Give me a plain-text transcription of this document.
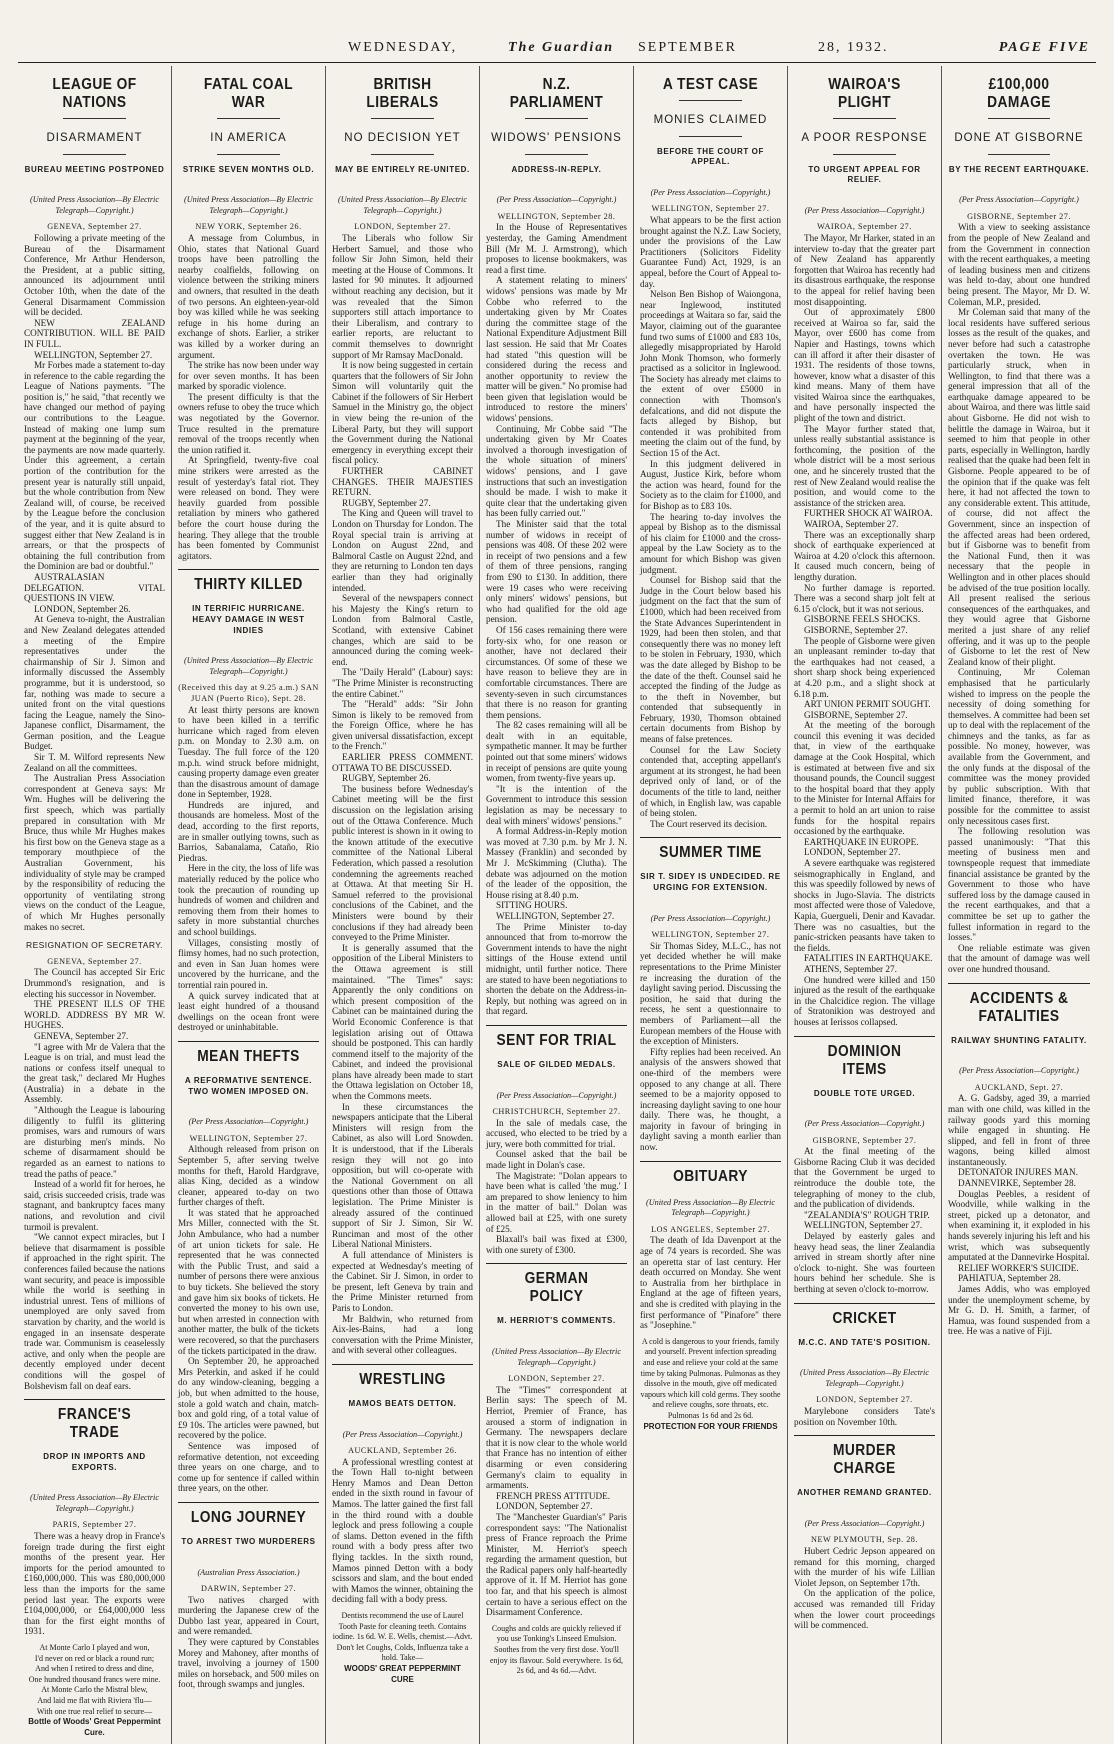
WEDNESDAY,	The Guardian SEPTEMBER	28, 1932.	PAGE FIVE
LEAGUE OF NATIONS
DISARMAMENT
BUREAU MEETING POSTPONED
(United Press Association—By Electric Telegraph—Copyright.)
GENEVA, September 27.

Following a private meeting of the Bureau of the Disarmament Conference, Mr Arthur Henderson, the President, at a public sitting, announced its adjournment until October 10th, when the date of the General Disarmament Commission will be decided.

NEW ZEALAND CONTRIBUTION. WILL BE PAID IN FULL.

WELLINGTON, September 27.

Mr Forbes made a statement to-day in reference to the cable regarding the League of Nations payments. "The position is," he said, "that recently we have changed our method of paying our contributions to the League. Instead of making one lump sum payment at the beginning of the year, the payments are now made quarterly. Under this agreement, a certain portion of the contribution for the present year is naturally still unpaid, but the whole contribution from New Zealand will, of course, be received by the League before the conclusion of the year, and it is quite absurd to suggest either that New Zealand is in arrears, or that the prospects of obtaining the full contribution from the Dominion are bad or doubtful."

AUSTRALASIAN DELEGATION. VITAL QUESTIONS IN VIEW.

LONDON, September 26.

At Geneva to-night, the Australian and New Zealand delegates attended a meeting of the Empire representatives under the chairmanship of Sir J. Simon and informally discussed the Assembly programme, but it is understood, so far, nothing was made to secure a united front on the vital questions facing the League, namely the Sino-Japanese conflict, Disarmament, the German position, and the League Budget.

Sir T. M. Wilford represents New Zealand on all the committees.

The Australian Press Association correspondent at Geneva says: Mr Wm. Hughes will be delivering the first speech, which was partially prepared in consultation with Mr Bruce, thus while Mr Hughes makes his first bow on the Geneva stage as a temporary mouthpiece of the Australian Government, his individuality of style may be cramped by the responsibility of reducing the opportunity of ventilating strong views on the conduct of the League, of which Mr Hughes personally makes no secret.

RESIGNATION OF SECRETARY.
GENEVA, September 27.

The Council has accepted Sir Eric Drummond's resignation, and is electing his successor in November.

THE PRESENT ILLS OF THE WORLD. ADDRESS BY MR W. HUGHES.

GENEVA, September 27.

"I agree with Mr de Valera that the League is on trial, and must lead the nations or confess itself unequal to the great task," declared Mr Hughes (Australia) in a debate in the Assembly.

"Although the League is labouring diligently to fulfil its glittering promises, wars and rumours of wars are disturbing men's minds. No scheme of disarmament should be regarded as an earnest to nations to tread the paths of peace."

Instead of a world fit for heroes, he said, crisis succeeded crisis, trade was stagnant, and bankruptcy faces many nations, and revolution and civil turmoil is prevalent.

"We cannot expect miracles, but I believe that disarmament is possible if approached in the right spirit. The conferences failed because the nations want security, and peace is impossible while the world is seething in industrial unrest. Tens of millions of unemployed are only saved from starvation by charity, and the world is engaged in an insensate desperate trade war. Communism is ceaselessly active, and only when the people are decently employed under decent conditions will the gospel of Bolshevism fall on deaf ears.

FRANCE'S TRADE
DROP IN IMPORTS AND EXPORTS.
(United Press Association—By Electric Telegraph—Copyright.)
PARIS, September 27.

There was a heavy drop in France's foreign trade during the first eight months of the present year. Her imports for the period amounted to £160,000,000. This was £80,000,000 less than the imports for the same period last year. The exports were £104,000,000, or £64,000,000 less than for the first eight months of 1931.

At Monte Carlo I played and won,
I'd never on red or black a round run;
And when I retired to dress and dine,
One hundred thousand francs were mine.
At Monte Carlo the Mistral blew,
And laid me flat with Riviera 'flu—
With one true real relief to secure—
Bottle of Woods' Great Peppermint Cure.
FATAL COAL WAR
IN AMERICA
STRIKE SEVEN MONTHS OLD.
(United Press Association—By Electric Telegraph—Copyright.)
NEW YORK, September 26.

A message from Columbus, in Ohio, states that National Guard troops have been patrolling the nearby coalfields, following on violence between the striking miners and owners, that resulted in the death of two persons. An eighteen-year-old boy was killed while he was seeking refuge in his home during an exchange of shots. Earlier, a striker was killed by a worker during an argument.

The strike has now been under way for over seven months. It has been marked by sporadic violence.

The present difficulty is that the owners refuse to obey the truce which was negotiated by the Governor. Truce resulted in the premature removal of the troops recently when the union ratified it.

At Springfield, twenty-five coal mine strikers were arrested as the result of yesterday's fatal riot. They were released on bond. They were heavily guarded from possible retaliation by miners who gathered before the court house during the hearing. They allege that the trouble has been fomented by Communist agitators.

THIRTY KILLED
IN TERRIFIC HURRICANE. HEAVY DAMAGE IN WEST INDIES
(United Press Association—By Electric Telegraph—Copyright.)
(Received this day at 9.25 a.m.) SAN JUAN (Puerto Rico), Sept. 28.

At least thirty persons are known to have been killed in a terrific hurricane which raged from eleven p.m. on Monday to 2.30 a.m. on Tuesday. The full force of the 120 m.p.h. wind struck before midnight, causing property damage even greater than the disastrous amount of damage done in September, 1928.

Hundreds are injured, and thousands are homeless. Most of the dead, according to the first reports, are in smaller outlying towns, such as Barrios, Sabanalama, Cataño, Rio Piedras.

Here in the city, the loss of life was materially reduced by the police who took the precaution of rounding up hundreds of women and children and removing them from their homes to safety in more substantial churches and school buildings.

Villages, consisting mostly of flimsy homes, had no such protection, and even in San Juan homes were uncovered by the hurricane, and the torrential rain poured in.

A quick survey indicated that at least eight hundred of a thousand dwellings on the ocean front were destroyed or uninhabitable.

MEAN THEFTS
A REFORMATIVE SENTENCE. TWO WOMEN IMPOSED ON.
(Per Press Association—Copyright.)
WELLINGTON, September 27.

Although released from prison on September 5, after serving twelve months for theft, Harold Hardgrave, alias King, decided as a window cleaner, appeared to-day on two further charges of theft.

It was stated that he approached Mrs Miller, connected with the St. John Ambulance, who had a number of art union tickets for sale. He represented that he was connected with the Public Trust, and said a number of persons there were anxious to buy tickets. She believed the story and gave him six books of tickets. He converted the money to his own use, but when arrested in connection with another matter, the bulk of the tickets were recovered, so that the purchasers of the tickets participated in the draw.

On September 20, he approached Mrs Peterkin, and asked if he could do any window-cleaning, begging a job, but when admitted to the house, stole a gold watch and chain, match-box and gold ring, of a total value of £9 10s. The articles were pawned, but recovered by the police.

Sentence was imposed of reformative detention, not exceeding three years on one charge, and to come up for sentence if called within three years, on the other.

LONG JOURNEY
TO ARREST TWO MURDERERS
(Australian Press Association.)
DARWIN, September 27.

Two natives charged with murdering the Japanese crew of the Dubbo last year, appeared in Court, and were remanded.

They were captured by Constables Morey and Mahoney, after months of travel, involving a journey of 1500 miles on horseback, and 500 miles on foot, through swamps and jungles.

BRITISH LIBERALS
NO DECISION YET
MAY BE ENTIRELY RE-UNITED.
(United Press Association—By Electric Telegraph—Copyright.)
LONDON, September 27.

The Liberals who follow Sir Herbert Samuel, and those who follow Sir John Simon, held their meeting at the House of Commons. It lasted for 90 minutes. It adjourned without reaching any decision, but it was revealed that the Simon supporters still attach importance to their Liberalism, and contrary to earlier reports, are reluctant to commit themselves to downright support of Mr Ramsay MacDonald.

It is now being suggested in certain quarters that the followers of Sir John Simon will voluntarily quit the Cabinet if the followers of Sir Herbert Samuel in the Ministry go, the object in view being the re-union of the Liberal Party, but they will support the Government during the National emergency in everything except their fiscal policy.

FURTHER CABINET CHANGES. THEIR MAJESTIES RETURN.

RUGBY, September 27.

The King and Queen will travel to London on Thursday for London. The Royal special train is arriving at London on August 22nd, and Balmoral Castle on August 22nd, and they are returning to London ten days earlier than they had originally intended.

Several of the newspapers connect his Majesty the King's return to London from Balmoral Castle, Scotland, with extensive Cabinet changes, which are said to be announced during the coming week-end.

The "Daily Herald" (Labour) says: "The Prime Minister is reconstructing the entire Cabinet."

The "Herald" adds: "Sir John Simon is likely to be removed from the Foreign Office, where he has given universal dissatisfaction, except to the French."

EARLIER PRESS COMMENT. OTTAWA TO BE DISCUSSED.

RUGBY, September 26.

The business before Wednesday's Cabinet meeting will be the first discussion on the legislation arising out of the Ottawa Conference. Much public interest is shown in it owing to the known attitude of the executive committee of the National Liberal Federation, which passed a resolution condemning the agreements reached at Ottawa. At that meeting Sir H. Samuel referred to the provisional conclusions of the Cabinet, and the Ministers were bound by their conclusions if they had already been conveyed to the Prime Minister.

It is generally assumed that the opposition of the Liberal Ministers to the Ottawa agreement is still maintained. "The Times" says: Apparently the only conditions on which present composition of the Cabinet can be maintained during the World Economic Conference is that legislation arising out of Ottawa should be postponed. This can hardly commend itself to the majority of the Cabinet, and indeed the provisional plans have already been made to start the Ottawa legislation on October 18, when the Commons meets.

In these circumstances the newspapers anticipate that the Liberal Ministers will resign from the Cabinet, as also will Lord Snowden. It is understood, that if the Liberals resign they will not go into opposition, but will co-operate with the National Government on all questions other than those of Ottawa legislation. The Prime Minister is already assured of the continued support of Sir J. Simon, Sir W. Runciman and most of the other Liberal National Ministers.

A full attendance of Ministers is expected at Wednesday's meeting of the Cabinet. Sir J. Simon, in order to be present, left Geneva by train and the Prime Minister returned from Paris to London.

Mr Baldwin, who returned from Aix-les-Bains, had a long conversation with the Prime Minister, and with several other colleagues.

WRESTLING
MAMOS BEATS DETTON.
(Per Press Association—Copyright.)
AUCKLAND, September 26.

A professional wrestling contest at the Town Hall to-night between Henry Mamos and Dean Detton ended in the sixth round in favour of Mamos. The latter gained the first fall in the third round with a double leglock and press following a couple of slams. Detton evened in the fifth round with a body press after two flying tackles. In the sixth round, Mamos pinned Detton with a body scissors and slam, and the bout ended with Mamos the winner, obtaining the deciding fall with a body press.

Dentists recommend the use of Laurel Tooth Paste for cleaning teeth. Contains iodine. 1s 6d. W. E. Wells, chemist.—Advt.
Don't let Coughs, Colds, Influenza take a hold. Take—
WOODS' GREAT PEPPERMINT CURE
N.Z. PARLIAMENT
WIDOWS' PENSIONS
ADDRESS-IN-REPLY.
(Per Press Association—Copyright.)
WELLINGTON, September 28.

In the House of Representatives yesterday, the Gaming Amendment Bill (Mr M. J. Armstrong), which proposes to license bookmakers, was read a first time.

A statement relating to miners' widows' pensions was made by Mr Cobbe who referred to the undertaking given by Mr Coates during the committee stage of the National Expenditure Adjustment Bill last session. He said that Mr Coates had stated "this question will be considered during the recess and another opportunity to review the matter will be given." No promise had been given that legislation would be introduced to restore the miners' widows' pensions.

Continuing, Mr Cobbe said "The undertaking given by Mr Coates involved a thorough investigation of the whole situation of miners' widows' pensions, and I gave instructions that such an investigation should be made. I wish to make it quite clear that the undertaking given has been fully carried out."

The Minister said that the total number of widows in receipt of pensions was 408. Of these 202 were in receipt of two pensions and a few of them of three pensions, ranging from £90 to £130. In addition, there were 19 cases who were receiving only miners' widows' pensions, but who had qualified for the old age pension.

Of 156 cases remaining there were forty-six who, for one reason or another, have not declared their circumstances. Of some of these we have reason to believe they are in comfortable circumstances. There are seventy-seven in such circumstances that there is no reason for granting them pensions.

The 82 cases remaining will all be dealt with in an equitable, sympathetic manner. It may be further pointed out that some miners' widows in receipt of pensions are quite young women, from twenty-five years up.

"It is the intention of the Government to introduce this session legislation as may be necessary to deal with miners' widows' pensions."

A formal Address-in-Reply motion was moved at 7.30 p.m. by Mr J. N. Massey (Franklin) and seconded by Mr J. McSkimming (Clutha). The debate was adjourned on the motion of the leader of the opposition, the House rising at 8.40 p.m.

SITTING HOURS.

WELLINGTON, September 27.

The Prime Minister to-day announced that from to-morrow the Government intends to have the night sittings of the House extend until midnight, until further notice. There are stated to have been negotiations to shorten the debate on the Address-in-Reply, but nothing was agreed on in that regard.

SENT FOR TRIAL
SALE OF GILDED MEDALS.
(Per Press Association—Copyright.)
CHRISTCHURCH, September 27.

In the sale of medals case, the accused, who elected to be tried by a jury, were both committed for trial.

Counsel asked that the bail be made light in Dolan's case.

The Magistrate: "Dolan appears to have been what is called 'the mug.' I am prepared to show leniency to him in the matter of bail." Dolan was allowed bail at £25, with one surety of £25.

Blaxall's bail was fixed at £300, with one surety of £300.

GERMAN POLICY
M. HERRIOT'S COMMENTS.
(United Press Association—By Electric Telegraph—Copyright.)
LONDON, September 27.

The "Times'" correspondent at Berlin says: The speech of M. Herriot, Premier of France, has aroused a storm of indignation in Germany. The newspapers declare that it is now clear to the whole world that France has no intention of either disarming or even considering Germany's claim to equality in armaments.

FRENCH PRESS ATTITUDE.

LONDON, September 27.

The "Manchester Guardian's" Paris correspondent says: "The Nationalist press of France reproach the Prime Minister, M. Herriot's speech regarding the armament question, but the Radical papers only half-heartedly approve of it. If M. Herriot has gone too far, and that his speech is almost certain to have a serious effect on the Disarmament Conference.

Coughs and colds are quickly relieved if you use Tonking's Linseed Emulsion. Soothes from the very first dose. You'll enjoy its flavour. Sold everywhere. 1s 6d, 2s 6d, and 4s 6d.—Advt.
A TEST CASE
MONIES CLAIMED
BEFORE THE COURT OF APPEAL.
(Per Press Association—Copyright.)
WELLINGTON, September 27.

What appears to be the first action brought against the N.Z. Law Society, under the provisions of the Law Practitioners (Solicitors Fidelity Guarantee Fund) Act, 1929, is an appeal, before the Court of Appeal to-day.

Nelson Ben Bishop of Waiongona, near Inglewood, instituted proceedings at Waitara so far, said the Mayor, claiming out of the guarantee fund two sums of £1000 and £83 10s, allegedly misappropriated by Harold John Monk Thomson, who formerly practised as a solicitor in Inglewood. The Society has already met claims to the extent of over £5000 in connection with Thomson's defalcations, and did not dispute the facts alleged by Bishop, but contended it was prohibited from meeting the claim out of the fund, by Section 15 of the Act.

In this judgment delivered in August, Justice Kirk, before whom the action was heard, found for the Society as to the claim for £1000, and for Bishop as to £83 10s.

The hearing to-day involves the appeal by Bishop as to the dismissal of his claim for £1000 and the cross-appeal by the Law Society as to the amount for which Bishop was given judgment.

Counsel for Bishop said that the Judge in the Court below based his judgment on the fact that the sum of £1000, which had been received from the State Advances Superintendent in 1929, had been then stolen, and that consequently there was no money left to be stolen in February, 1930, which was the date alleged by Bishop to be the date of the theft. Counsel said he accepted the finding of the Judge as to the theft in November, but contended that subsequently in February, 1930, Thomson obtained certain documents from Bishop by means of false pretences.

Counsel for the Law Society contended that, accepting appellant's argument at its strongest, he had been deprived only of land, or of the documents of the title to land, neither of which, in English law, was capable of being stolen.

The Court reserved its decision.

SUMMER TIME
SIR T. SIDEY IS UNDECIDED. RE URGING FOR EXTENSION.
(Per Press Association—Copyright.)
WELLINGTON, September 27.

Sir Thomas Sidey, M.L.C., has not yet decided whether he will make representations to the Prime Minister re increasing the duration of the daylight saving period. Discussing the position, he said that during the recess, he sent a questionnaire to members of Parliament—all the European members of the House with the exception of Ministers.

Fifty replies had been received. An analysis of the answers showed that one-third of the members were opposed to any change at all. There seemed to be a majority opposed to increasing daylight saving to one hour daily. There was, he thought, a majority in favour of bringing in daylight saving a month earlier than now.

OBITUARY
(United Press Association—By Electric Telegraph—Copyright.)
LOS ANGELES, September 27.

The death of Ida Davenport at the age of 74 years is recorded. She was an operetta star of last century. Her death occurred on Monday. She went to Australia from her birthplace in England at the age of fifteen years, and she is credited with playing in the first performance of "Pinafore" there as "Josephine."

A cold is dangerous to your friends, family and yourself. Prevent infection spreading and ease and relieve your cold at the same time by taking Pulmonas. Pulmonas as they dissolve in the mouth, give off medicated vapours which kill cold germs. They soothe and relieve coughs, sore throats, etc. Pulmonas 1s 6d and 2s 6d.
PROTECTION FOR YOUR FRIENDS
WAIROA'S PLIGHT
A POOR RESPONSE
TO URGENT APPEAL FOR RELIEF.
(Per Press Association—Copyright.)
WAIROA, September 27.

The Mayor, Mr Harker, stated in an interview to-day that the greater part of New Zealand has apparently forgotten that Wairoa has recently had its disastrous earthquake, the response to the appeal for relief having been most disappointing.

Out of approximately £800 received at Wairoa so far, said the Mayor, over £600 has come from Napier and Hastings, towns which can ill afford it after their disaster of 1931. The residents of those towns, however, know what a disaster of this kind means. Many of them have visited Wairoa since the earthquakes, and have personally inspected the plight of the town and district.

The Mayor further stated that, unless really substantial assistance is forthcoming, the position of the whole district will be a most serious one, and he sincerely trusted that the rest of New Zealand would realise the position, and would come to the assistance of the stricken area.

FURTHER SHOCK AT WAIROA.

WAIROA, September 27.

There was an exceptionally sharp shock of earthquake experienced at Wairoa at 4.20 o'clock this afternoon. It caused much concern, being of lengthy duration.

No further damage is reported. There was a second sharp jolt felt at 6.15 o'clock, but it was not serious.

GISBORNE FEELS SHOCKS.

GISBORNE, September 27.

The people of Gisborne were given an unpleasant reminder to-day that the earthquakes had not ceased, a short sharp shock being experienced at 4.20 p.m., and a slight shock at 6.18 p.m.

ART UNION PERMIT SOUGHT.

GISBORNE, September 27.

At the meeting of the borough council this evening it was decided that, in view of the earthquake damage at the Cook Hospital, which is estimated at between five and six thousand pounds, the Council suggest to the hospital board that they apply to the Minister for Internal Affairs for a permit to hold an art union to raise funds for the hospital repairs occasioned by the earthquake.

EARTHQUAKE IN EUROPE.

LONDON, September 27.

A severe earthquake was registered seismographically in England, and this was speedily followed by news of shocks in Jugo-Slavia. The districts most affected were those of Valedove, Kapia, Guergueli, Denir and Kavadar. There was no casualties, but the panic-stricken peasants have taken to the fields.

FATALITIES IN EARTHQUAKE.

ATHENS, September 27.

One hundred were killed and 150 injured as the result of the earthquake in the Chalcidice region. The village of Stratonikion was destroyed and houses at Ierissos collapsed.

DOMINION ITEMS
DOUBLE TOTE URGED.
(Per Press Association—Copyright.)
GISBORNE, September 27.

At the final meeting of the Gisborne Racing Club it was decided that the Government be urged to reintroduce the double tote, the telegraphing of money to the club, and the publication of dividends.

"ZEALANDIA'S" ROUGH TRIP.

WELLINGTON, September 27.

Delayed by easterly gales and heavy head seas, the liner Zealandia arrived in stream shortly after nine o'clock to-night. She was fourteen hours behind her schedule. She is berthing at seven o'clock to-morrow.

CRICKET
M.C.C. AND TATE'S POSITION.
(United Press Association—By Electric Telegraph—Copyright.)
LONDON, September 27.

Marylebone considers Tate's position on November 10th.

MURDER CHARGE
ANOTHER REMAND GRANTED.
(Per Press Association—Copyright.)
NEW PLYMOUTH, Sep. 28.

Hubert Cedric Jepson appeared on remand for this morning, charged with the murder of his wife Lillian Violet Jepson, on September 17th.

On the application of the police, accused was remanded till Friday when the lower court proceedings will be commenced.

£100,000 DAMAGE
DONE AT GISBORNE
BY THE RECENT EARTHQUAKE.
(Per Press Association—Copyright.)
GISBORNE, September 27.

With a view to seeking assistance from the people of New Zealand and from the Government in connection with the recent earthquakes, a meeting of leading business men and citizens was held to-day, about one hundred being present. The Mayor, Mr D. W. Coleman, M.P., presided.

Mr Coleman said that many of the local residents have suffered serious losses as the result of the quakes, and never before had such a catastrophe overtaken the town. He was particularly struck, when in Wellington, to find that there was a general impression that all of the earthquake damage appeared to be about Wairoa, and there was little said about Gisborne. He did not wish to belittle the damage in Wairoa, but it seemed to him that people in other parts, especially in Wellington, hardly realised that the quake had been felt in Gisborne. People appeared to be of the opinion that if the quake was felt here, it had not affected the town to any considerable extent. This attitude, of course, did not affect the Government, since an inspection of the affected areas had been ordered, but if Gisborne was to benefit from the National Fund, then it was necessary that the people in Wellington and in other places should be advised of the true position locally. All present realised the serious consequences of the earthquakes, and they would agree that Gisborne merited a just share of any relief offering, and it was up to the people of Gisborne to let the rest of New Zealand know of their plight.

Continuing, Mr Coleman emphasised that he particularly wished to impress on the people the necessity of doing something for themselves. A committee had been set up to deal with the replacement of the chimneys and the tanks, as far as possible. No money, however, was available from the Government, and the only funds at the disposal of the committee was the money provided by public subscription. With that limited finance, therefore, it was possible for the committee to assist only necessitous cases first.

The following resolution was passed unanimously: "That this meeting of business men and townspeople request that immediate financial assistance be granted by the Government to those who have suffered loss by the damage caused in the recent earthquakes, and that a committee be set up to gather the fullest information in regard to the losses."

One reliable estimate was given that the amount of damage was well over one hundred thousand.

ACCIDENTS & FATALITIES
RAILWAY SHUNTING FATALITY.
(Per Press Association—Copyright.)
AUCKLAND, Sept. 27.

A. G. Gadsby, aged 39, a married man with one child, was killed in the railway goods yard this morning while engaged in shunting. He slipped, and fell in front of three wagons, being killed almost instantaneously.

DETONATOR INJURES MAN.

DANNEVIRKE, September 28.

Douglas Peebles, a resident of Woodville, while walking in the street, picked up a detonator, and when examining it, it exploded in his hands severely injuring his left and his wrist, which was subsequently amputated at the Dannevirke Hospital.

RELIEF WORKER'S SUICIDE.

PAHIATUA, September 28.

James Addis, who was employed under the unemployment scheme, by Mr G. D. H. Smith, a farmer, of Hamua, was found suspended from a tree. He was a native of Fiji.
